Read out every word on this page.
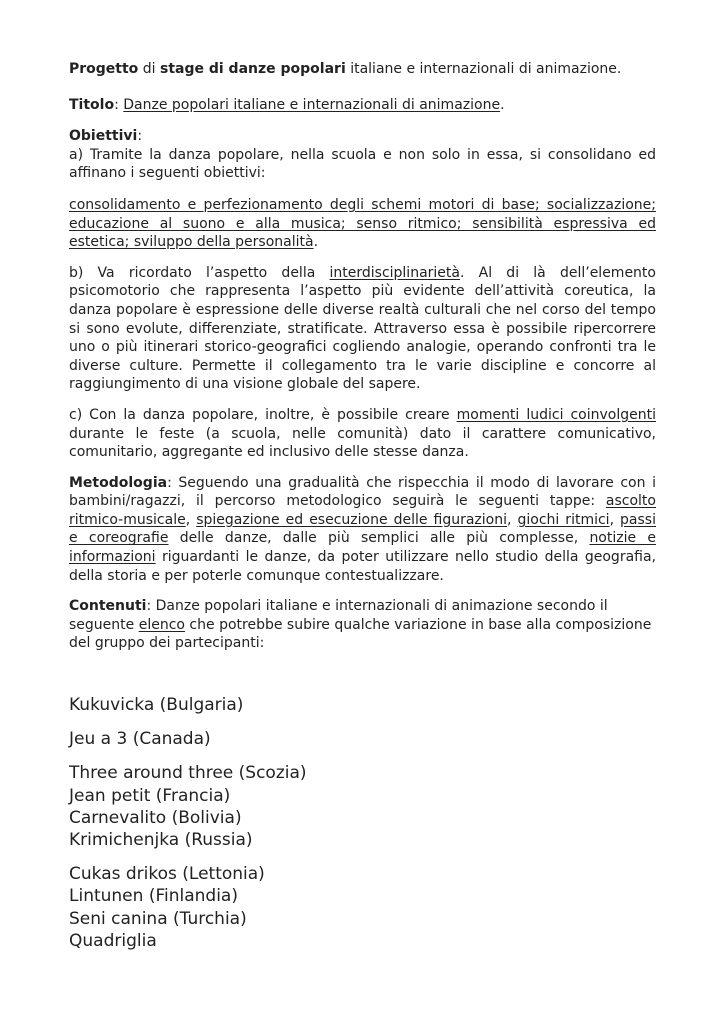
Progetto di stage di danze popolari italiane e internazionali di animazione.

Titolo: Danze popolari italiane e internazionali di animazione.

Obiettivi:

a) Tramite la danza popolare, nella scuola e non solo in essa, si consolidano ed affinano i seguenti obiettivi:

consolidamento e perfezionamento degli schemi motori di base; socializzazione; educazione al suono e alla musica; senso ritmico; sensibilità espressiva ed estetica; sviluppo della personalità.

b) Va ricordato l’aspetto della interdisciplinarietà. Al di là dell’elemento psicomotorio che rappresenta l’aspetto più evidente dell’attività coreutica, la danza popolare è espressione delle diverse realtà culturali che nel corso del tempo si sono evolute, differenziate, stratificate. Attraverso essa è possibile ripercorrere uno o più itinerari storico-geografici cogliendo analogie, operando confronti tra le diverse culture. Permette il collegamento tra le varie discipline e concorre al raggiungimento di una visione globale del sapere.

c) Con la danza popolare, inoltre, è possibile creare momenti ludici coinvolgenti durante le feste (a scuola, nelle comunità) dato il carattere comunicativo, comunitario, aggregante ed inclusivo delle stesse danza.

Metodologia: Seguendo una gradualità che rispecchia il modo di lavorare con i bambini/ragazzi, il percorso metodologico seguirà le seguenti tappe: ascolto ritmico-musicale, spiegazione ed esecuzione delle figurazioni, giochi ritmici, passi e coreografie delle danze, dalle più semplici alle più complesse, notizie e informazioni riguardanti le danze, da poter utilizzare nello studio della geografia, della storia e per poterle comunque contestualizzare.

Contenuti: Danze popolari italiane e internazionali di animazione secondo il seguente elenco che potrebbe subire qualche variazione in base alla composizione del gruppo dei partecipanti:

Kukuvicka (Bulgaria)

Jeu a 3 (Canada)

Three around three (Scozia)

Jean petit (Francia)

Carnevalito (Bolivia)

Krimichenjka (Russia)

Cukas drikos (Lettonia)

Lintunen (Finlandia)

Seni canina (Turchia)

Quadriglia
